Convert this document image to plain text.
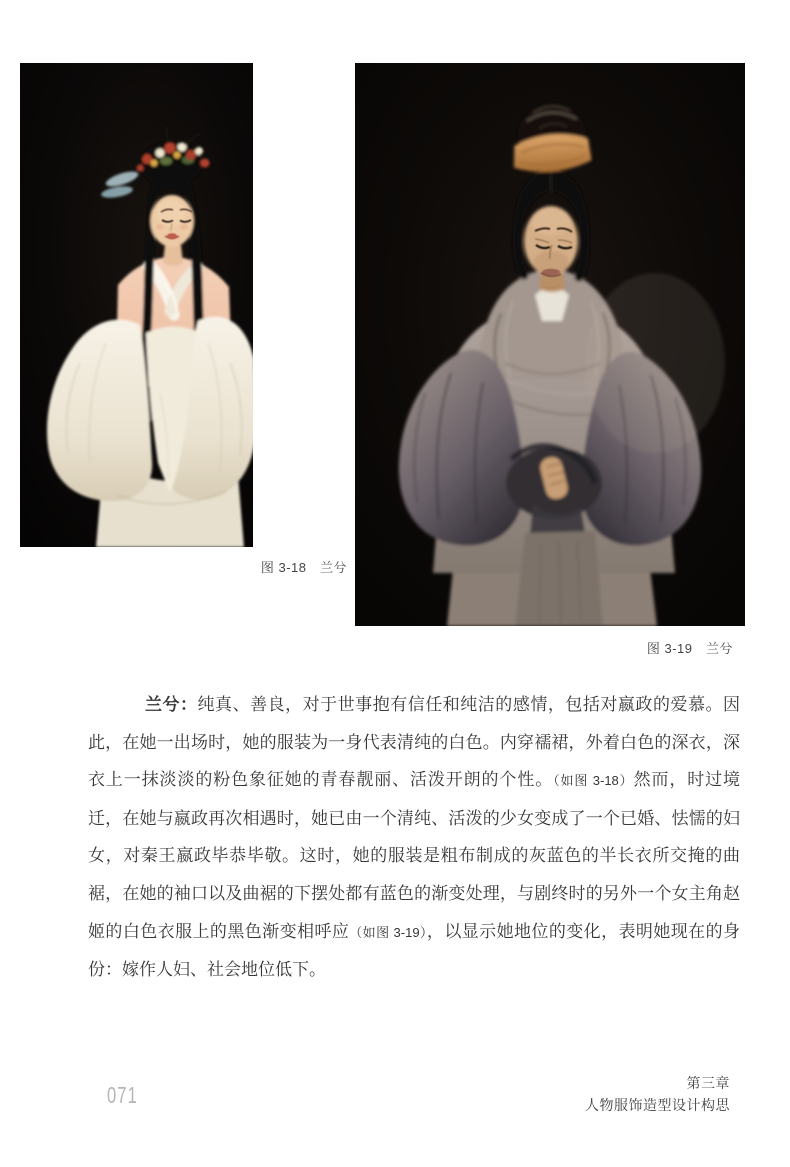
图 3-18　兰兮
图 3-19　兰兮

兰兮：纯真、善良，对于世事抱有信任和纯洁的感情，包括对嬴政的爱慕。因此，在她一出场时，她的服装为一身代表清纯的白色。内穿襦裙，外着白色的深衣，深衣上一抹淡淡的粉色象征她的青春靓丽、活泼开朗的个性。（如图 3-18）然而，时过境迁，在她与嬴政再次相遇时，她已由一个清纯、活泼的少女变成了一个已婚、怯懦的妇女，对秦王嬴政毕恭毕敬。这时，她的服装是粗布制成的灰蓝色的半长衣所交掩的曲裾，在她的袖口以及曲裾的下摆处都有蓝色的渐变处理，与剧终时的另外一个女主角赵姬的白色衣服上的黑色渐变相呼应（如图 3-19），以显示她地位的变化，表明她现在的身份：嫁作人妇、社会地位低下。

071	第三章
人物服饰造型设计构思
